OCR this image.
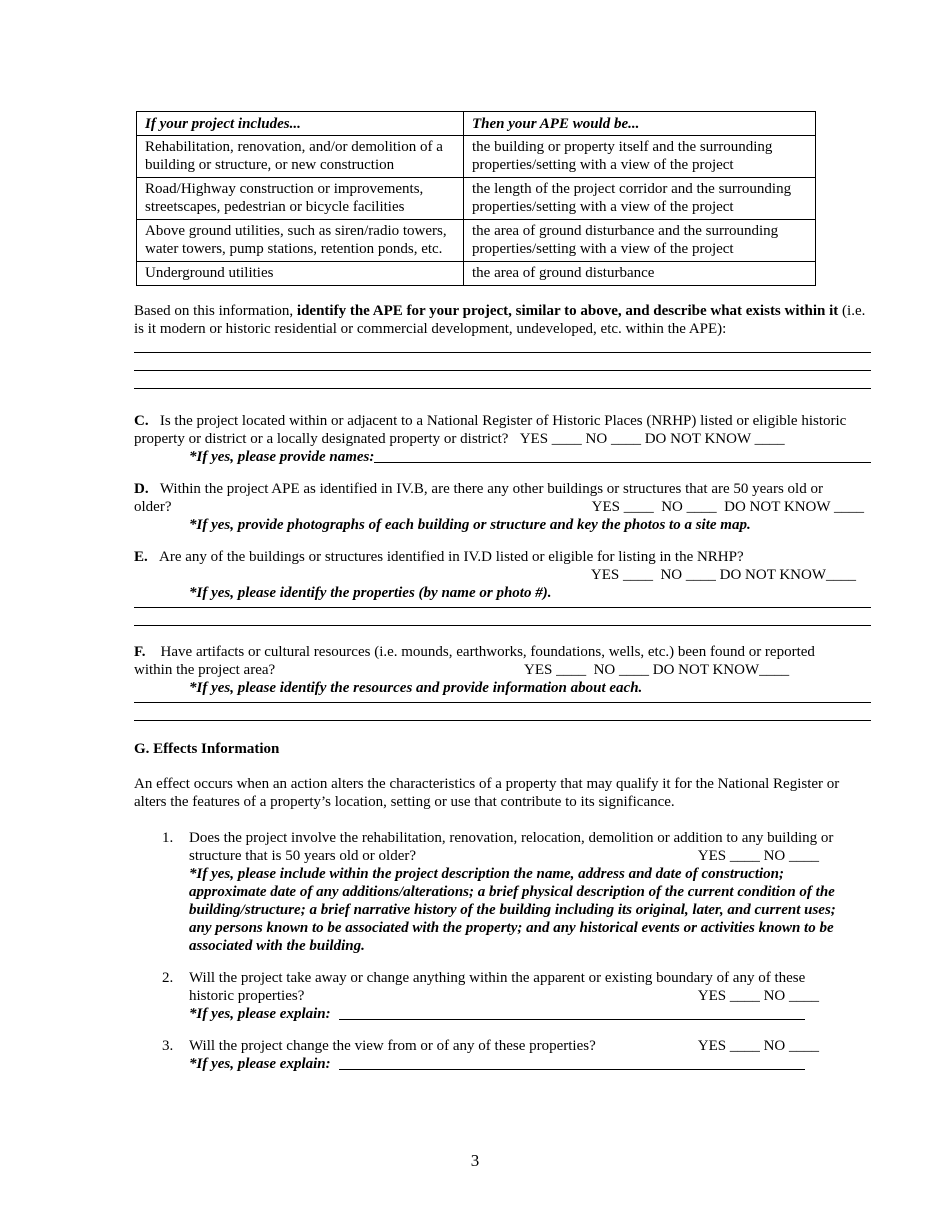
If your project includes...	Then your APE would be...
Rehabilitation, renovation, and/or demolition of a building or structure, or new construction	the building or property itself and the surrounding properties/setting with a view of the project
Road/Highway construction or improvements, streetscapes, pedestrian or bicycle facilities	the length of the project corridor and the surrounding properties/setting with a view of the project
Above ground utilities, such as siren/radio towers, water towers, pump stations, retention ponds, etc.	the area of ground disturbance and the surrounding properties/setting with a view of the project
Underground utilities	the area of ground disturbance

Based on this information, identify the APE for your project, similar to above, and describe what exists within it (i.e. is it modern or historic residential or commercial development, undeveloped, etc. within the APE):

C. Is the project located within or adjacent to a National Register of Historic Places (NRHP) listed or eligible historic property or district or a locally designated property or district? YES ____ NO ____ DO NOT KNOW ____

*If yes, please provide names:

D. Within the project APE as identified in IV.B, are there any other buildings or structures that are 50 years old or

older?	YES ____  NO ____  DO NOT KNOW ____

*If yes, provide photographs of each building or structure and key the photos to a site map.

E. Are any of the buildings or structures identified in IV.D listed or eligible for listing in the NRHP?

YES ____  NO ____ DO NOT KNOW____

*If yes, please identify the properties (by name or photo #).

F. Have artifacts or cultural resources (i.e. mounds, earthworks, foundations, wells, etc.) been found or reported

within the project area?	YES ____  NO ____ DO NOT KNOW____

*If yes, please identify the resources and provide information about each.

G. Effects Information

An effect occurs when an action alters the characteristics of a property that may qualify it for the National Register or alters the features of a property’s location, setting or use that contribute to its significance.

1.	Does the project involve the rehabilitation, renovation, relocation, demolition or addition to any building or
structure that is 50 years old or older?	YES ____ NO ____
*If yes, please include within the project description the name, address and date of construction; approximate date of any additions/alterations; a brief physical description of the current condition of the building/structure; a brief narrative history of the building including its original, later, and current uses; any persons known to be associated with the property; and any historical events or activities known to be associated with the building.
2.	Will the project take away or change anything within the apparent or existing boundary of any of these
historic properties?	YES ____ NO ____
*If yes, please explain:
3.	Will the project change the view from or of any of these properties?	YES ____ NO ____
*If yes, please explain:
3
